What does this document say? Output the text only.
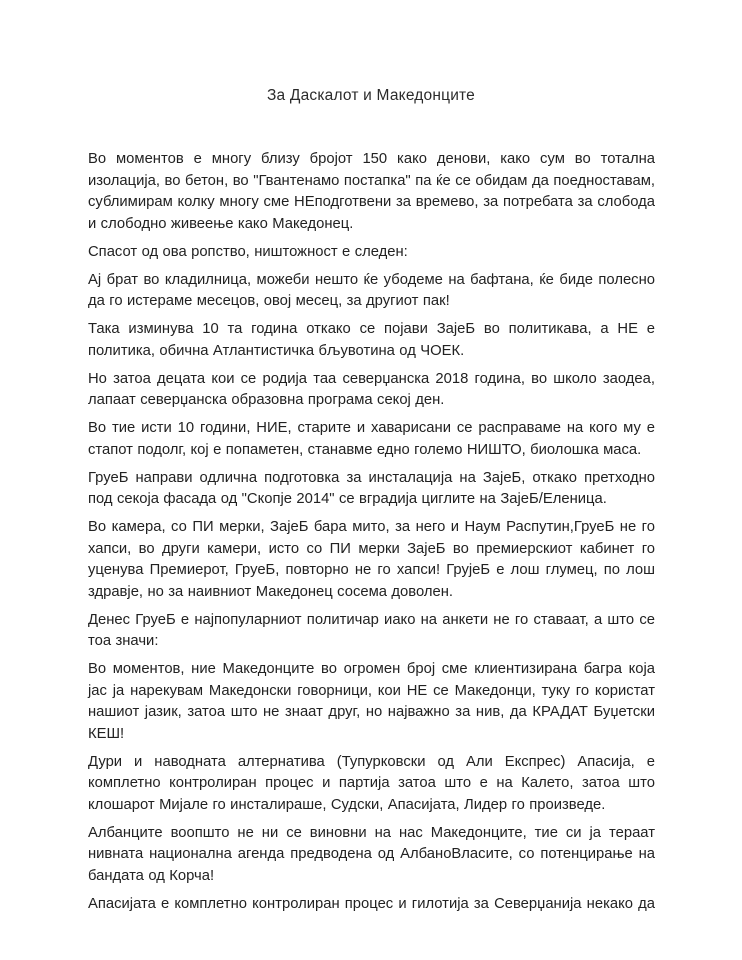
За Даскалот и Македонците

Во моментов е многу близу бројот 150 како денови, како сум во тотална изолација, во бетон, во "Гвантенамо постапка" па ќе се обидам да поедноставам, сублимирам колку многу сме НЕподготвени за времево, за потребата за слобода и слободно живеење како Македонец.

Спасот од ова ропство, ништожност е следен:

Ај брат во кладилница, можеби нешто ќе убодеме на бафтана, ќе биде полесно да го истераме месецов, овој месец, за другиот пак!

Така изминува 10 та година откако се појави ЗајеБ во политикава, а НЕ е политика, обична Атлантистичка бљувотина од ЧОЕК.

Но затоа децата кои се родија таа северџанска 2018 година, во школо заодеа, лапаат северџанска образовна програма секој ден.

Во тие исти 10 години, НИЕ, старите и хаварисани се расправаме на кого му е стапот подолг, кој е попаметен, станавме едно големо НИШТО, биолошка маса.

ГруеБ направи одлична подготовка за инсталација на ЗајеБ, откако претходно под секоја фасада од "Скопје 2014" се вградија циглите на ЗајеБ/Еленица.

Во камера, со ПИ мерки, ЗајеБ бара мито, за него и Наум Распутин,ГруеБ не го хапси, во други камери, исто со ПИ мерки ЗајеБ во премиерскиот кабинет го уценува Премиерот, ГруеБ, повторно не го хапси! ГрујеБ е лош глумец, по лош здравје, но за наивниот Македонец сосема доволен.

Денес ГруеБ е најпопуларниот политичар иако на анкети не го ставаат, а што се тоа значи:

Во моментов, ние Македонците во огромен број сме клиентизирана багра која јас ја нарекувам Македонски говорници, кои НЕ се Македонци, туку го користат нашиот јазик, затоа што не знаат друг, но најважно за нив, да КРАДАТ Буџетски КЕШ!

Дури и наводната алтернатива (Тупурковски од Али Експрес) Апасија, е комплетно контролиран процес и партија затоа што е на Калето, затоа што клошарот Мијале го инсталираше, Судски, Апасијата, Лидер го произведе.

Албанците воопшто не ни се виновни на нас Македонците, тие си ја тераат нивната национална агенда предводена од АлбаноВласите, со потенцирање на бандата од Корча!

Апасијата е комплетно контролиран процес и гилотија за Северџанија некако да
